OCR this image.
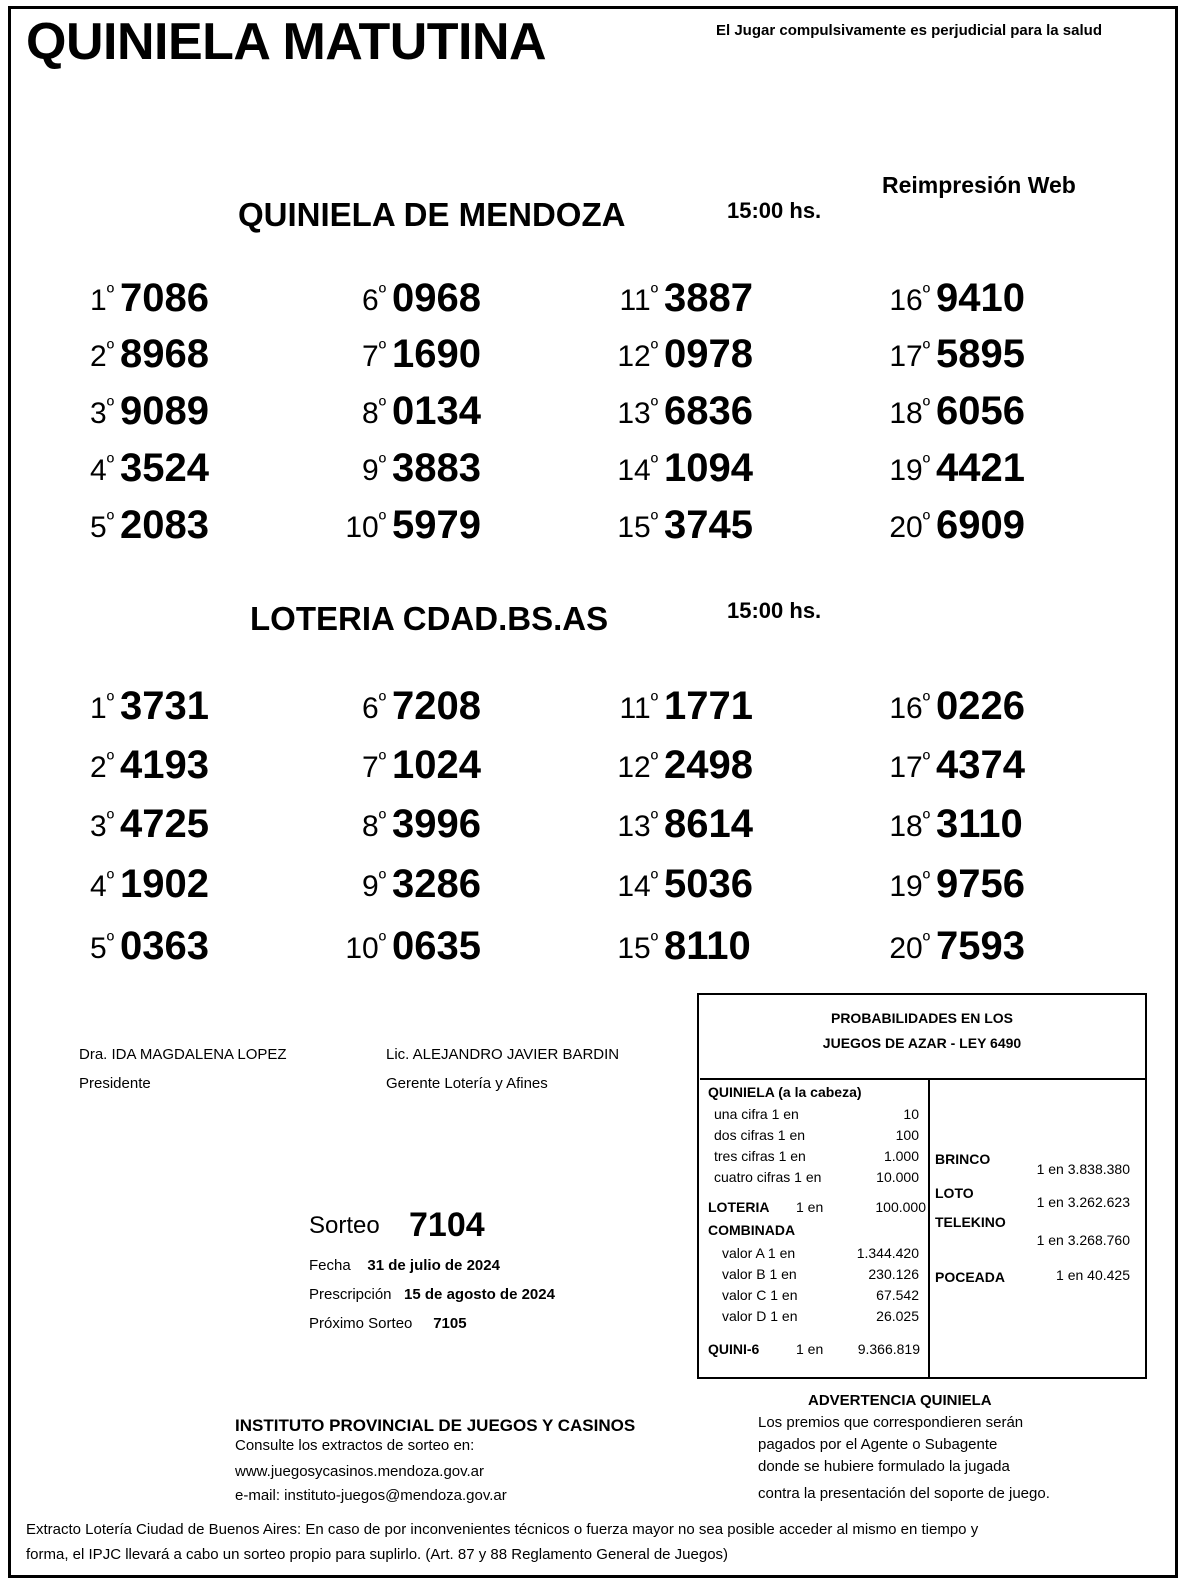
QUINIELA MATUTINA	El Jugar compulsivamente es perjudicial para la salud
Reimpresión Web
QUINIELA DE MENDOZA	15:00 hs.
$1^º$ 7086
$2^º$ 8968
$3^º$ 9089
$4^º$ 3524
$5^º$ 2083
$6^º$ 0968
$7^º$ 1690
$8^º$ 0134
$9^º$ 3883
$10^º$ 5979
$11^º$ 3887
$12^º$ 0978
$13^º$ 6836
$14^º$ 1094
$15^º$ 3745
$16^º$ 9410
$17^º$ 5895
$18^º$ 6056
$19^º$ 4421
$20^º$ 6909
LOTERIA CDAD.BS.AS	15:00 hs.
$1^º$ 3731
$2^º$ 4193
$3^º$ 4725
$4^º$ 1902
$5^º$ 0363
$6^º$ 7208
$7^º$ 1024
$8^º$ 3996
$9^º$ 3286
$10^º$ 0635
$11^º$ 1771
$12^º$ 2498
$13^º$ 8614
$14^º$ 5036
$15^º$ 8110
$16^º$ 0226
$17^º$ 4374
$18^º$ 3110
$19^º$ 9756
$20^º$ 7593
Dra. IDA MAGDALENA LOPEZ
Presidente
Lic. ALEJANDRO JAVIER BARDIN
Gerente Lotería y Afines
Sorteo 7104
Fecha 31 de julio de 2024
Prescripción 15 de agosto de 2024
Próximo Sorteo 7105
PROBABILIDADES EN LOS
JUEGOS DE AZAR - LEY 6490
QUINIELA (a la cabeza)
una cifra 1 en	10
dos cifras 1 en	100
tres cifras 1 en	1.000
cuatro cifras 1 en	10.000
LOTERIA 1 en	100.000
COMBINADA
valor A 1 en	1.344.420
valor B 1 en	230.126
valor C 1 en	67.542
valor D 1 en	26.025
QUINI-6	1 en	9.366.819
BRINCO
1 en 3.838.380
LOTO
1 en 3.262.623
TELEKINO
1 en 3.268.760
POCEADA	1 en 40.425
INSTITUTO PROVINCIAL DE JUEGOS Y CASINOS
Consulte los extractos de sorteo en:
www.juegosycasinos.mendoza.gov.ar
e-mail: instituto-juegos@mendoza.gov.ar
ADVERTENCIA QUINIELA
Los premios que correspondieren serán
pagados por el Agente o Subagente
donde se hubiere formulado la jugada
contra la presentación del soporte de juego.
Extracto Lotería Ciudad de Buenos Aires: En caso de por inconvenientes técnicos o fuerza mayor no sea posible acceder al mismo en tiempo y
forma, el IPJC llevará a cabo un sorteo propio para suplirlo. (Art. 87 y 88 Reglamento General de Juegos)
